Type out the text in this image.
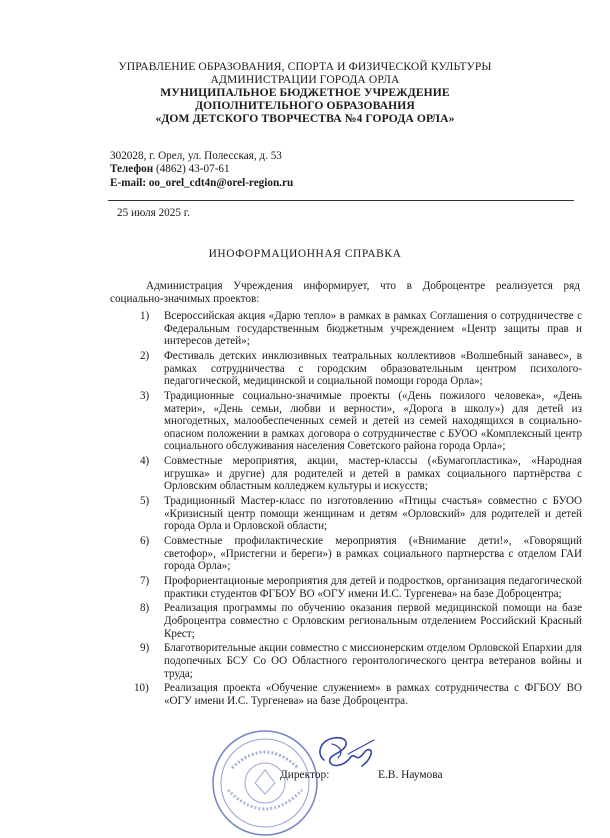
УПРАВЛЕНИЕ ОБРАЗОВАНИЯ, СПОРТА И ФИЗИЧЕСКОЙ КУЛЬТУРЫ
АДМИНИСТРАЦИИ ГОРОДА ОРЛА
МУНИЦИПАЛЬНОЕ БЮДЖЕТНОЕ УЧРЕЖДЕНИЕ
ДОПОЛНИТЕЛЬНОГО ОБРАЗОВАНИЯ
«ДОМ ДЕТСКОГО ТВОРЧЕСТВА №4 ГОРОДА ОРЛА»
302028, г. Орел, ул. Полесская, д. 53
Телефон (4862) 43-07-61
E-mail: oo_orel_cdt4n@orel-region.ru
25 июля 2025 г.
ИНОФОРМАЦИОННАЯ СПРАВКА
Администрация Учреждения информирует, что в Добpоцентре реализуется ряд социально-значимых проектов:
1) Всероссийская акция «Дарю тепло» в рамках в рамках Соглашения о сотрудничестве с Федеральным государственным бюджетным учреждением «Центр защиты прав и интересов детей»;
2) Фестиваль детских инклюзивных театральных коллективов «Волшебный занавес», в рамках сотрудничества с городским образовательным центром психолого-педагогической, медицинской и социальной помощи города Орла»;
3) Традиционные социально-значимые проекты («День пожилого человека», «День матери», «День семьи, любви и верности», «Дорога в школу») для детей из многодетных, малообеспеченных семей и детей из семей находящихся в социально-опасном положении в рамках договора о сотрудничестве с БУОО «Комплексный центр социального обслуживания населения Советского района города Орла»;
4) Совместные мероприятия, акции, мастер-классы («Бумагопластика», «Народная игрушка» и другие) для родителей и детей в рамках социального партнёрства с Орловским областным колледжем культуры и искусств;
5) Традиционный Мастер-класс по изготовлению «Птицы счастья» совместно с БУОО «Кризисный центр помощи женщинам и детям «Орловский» для родителей и детей города Орла и Орловской области;
6) Совместные профилактические мероприятия («Внимание дети!», «Говорящий светофор», «Пристегни и береги») в рамках социального партнерства с отделом ГАИ города Орла»;
7) Профориентационые мероприятия для детей и подростков, организация педагогической практики студентов ФГБОУ ВО «ОГУ имени И.С. Тургенева» на базе Добpоцентра;
8) Реализация программы по обучению оказания первой медицинской помощи на базе Добpоцентра совместно с Орловским региональным отделением Российский Красный Креcт;
9) Благотворительные акции совместно с миссионерским отделом Орловской Епархии для подопечных БСУ Со ОО Областного геронтологического центра ветеранов войны и труда;
10) Реализация проекта «Обучение служением» в рамках сотрудничества с ФГБОУ ВО «ОГУ имени И.С. Тургенева» на базе Добpоцентра.
Директор:	Е.В. Наумова
